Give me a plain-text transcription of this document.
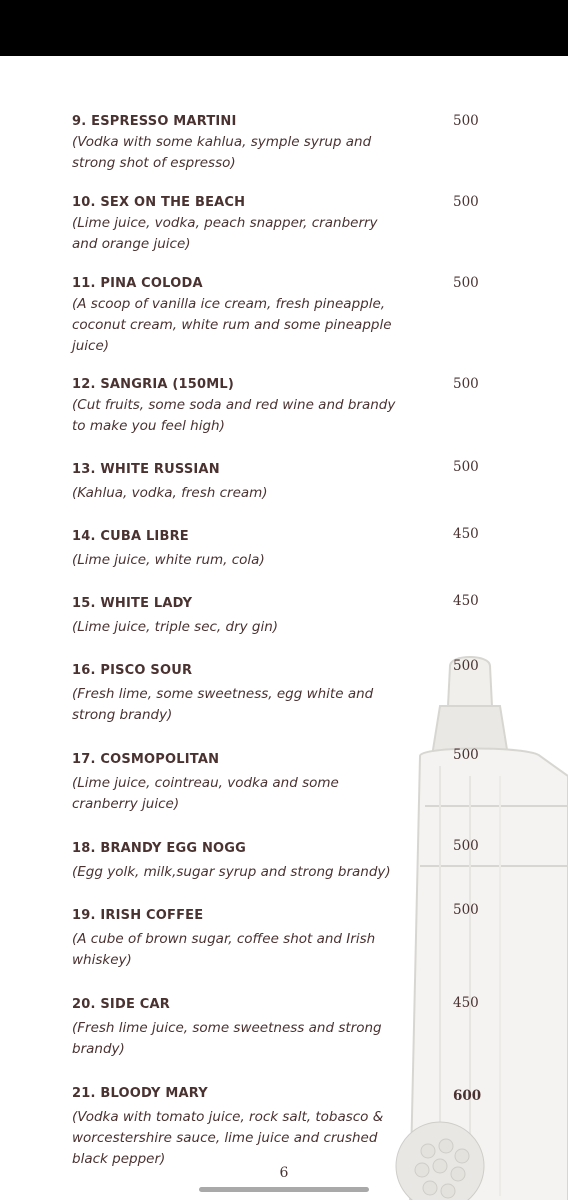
9. ESPRESSO MARTINI
(Vodka with some kahlua, symple syrup and strong shot of espresso)
500
10. SEX ON THE BEACH
(Lime juice, vodka, peach snapper, cranberry and orange juice)
500
11. PINA COLODA
(A scoop of vanilla ice cream, fresh pineapple, coconut cream, white rum and some pineapple juice)
500
12. SANGRIA (150ML)
(Cut fruits, some soda and red wine and brandy to make you feel high)
500
13. WHITE RUSSIAN
(Kahlua, vodka, fresh cream)
500
14. CUBA LIBRE
(Lime juice, white rum, cola)
450
15. WHITE LADY
(Lime juice, triple sec, dry gin)
450
16. PISCO SOUR
(Fresh lime, some sweetness, egg white and strong brandy)
500
17. COSMOPOLITAN
(Lime juice, cointreau, vodka and some cranberry juice)
500
18. BRANDY EGG NOGG
(Egg yolk, milk,sugar syrup and strong brandy)
500
19. IRISH COFFEE
(A cube of brown sugar, coffee shot and Irish whiskey)
500
20. SIDE CAR
(Fresh lime juice, some sweetness and strong brandy)
450
21. BLOODY MARY
(Vodka with tomato juice, rock salt, tobasco & worcestershire sauce, lime juice and crushed black pepper)
600
6
